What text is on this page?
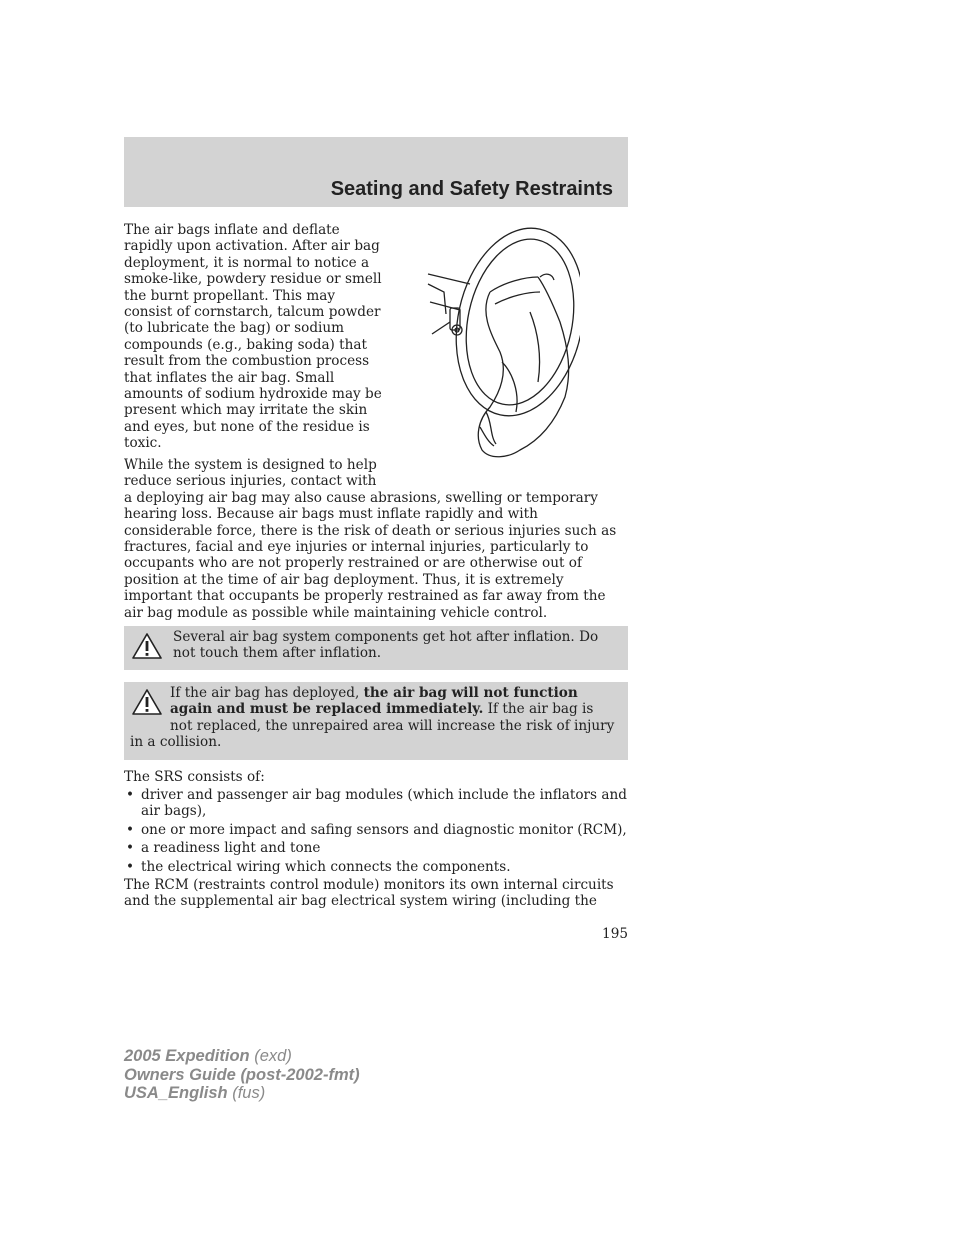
Seating and Safety Restraints

The air bags inflate and deflate rapidly upon activation. After air bag deployment, it is normal to notice a smoke-like, powdery residue or smell the burnt propellant. This may consist of cornstarch, talcum powder (to lubricate the bag) or sodium compounds (e.g., baking soda) that result from the combustion process that inflates the air bag. Small amounts of sodium hydroxide may be present which may irritate the skin and eyes, but none of the residue is toxic.

While the system is designed to help reduce serious injuries, contact with
a deploying air bag may also cause abrasions, swelling or temporary hearing loss. Because air bags must inflate rapidly and with considerable force, there is the risk of death or serious injuries such as fractures, facial and eye injuries or internal injuries, particularly to occupants who are not properly restrained or are otherwise out of position at the time of air bag deployment. Thus, it is extremely important that occupants be properly restrained as far away from the air bag module as possible while maintaining vehicle control.
Several air bag system components get hot after inflation. Do not touch them after inflation.
If the air bag has deployed, the air bag will not function again and must be replaced immediately. If the air bag is not replaced, the unrepaired area will increase the risk of injury in a collision.

The SRS consists of:

• driver and passenger air bag modules (which include the inflators and air bags),
• one or more impact and safing sensors and diagnostic monitor (RCM),
• a readiness light and tone
• the electrical wiring which connects the components.

The RCM (restraints control module) monitors its own internal circuits and the supplemental air bag electrical system wiring (including the

195
2005 Expedition (exd)
Owners Guide (post-2002-fmt)
USA_English (fus)
